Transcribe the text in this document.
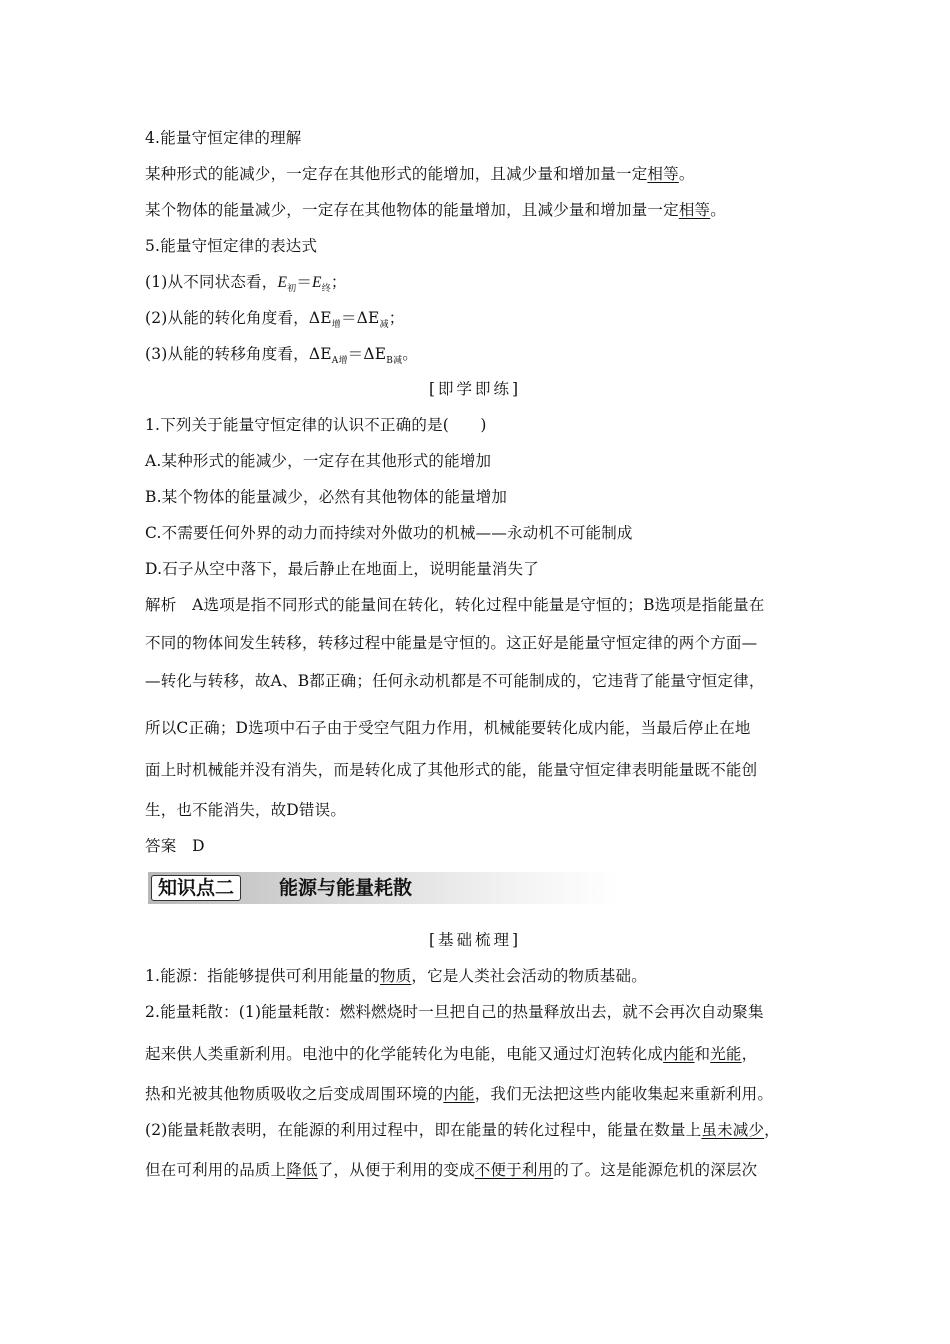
4.能量守恒定律的理解
某种形式的能减少，一定存在其他形式的能增加，且减少量和增加量一定相等。
某个物体的能量减少，一定存在其他物体的能量增加，且减少量和增加量一定相等。
5.能量守恒定律的表达式
(1)从不同状态看，$E_初=E_终$；
(2)从能的转化角度看，$\Delta E_增=\Delta E_减$；
(3)从能的转移角度看，$\Delta E_{A增}=\Delta E_{B减}$。
[即学即练]
1.下列关于能量守恒定律的认识不正确的是(　　)
A.某种形式的能减少，一定存在其他形式的能增加
B.某个物体的能量减少，必然有其他物体的能量增加
C.不需要任何外界的动力而持续对外做功的机械——永动机不可能制成
D.石子从空中落下，最后静止在地面上，说明能量消失了
解析　A选项是指不同形式的能量间在转化，转化过程中能量是守恒的；B选项是指能量在
不同的物体间发生转移，转移过程中能量是守恒的。这正好是能量守恒定律的两个方面—
—转化与转移，故A、B都正确；任何永动机都是不可能制成的，它违背了能量守恒定律，
所以C正确；D选项中石子由于受空气阻力作用，机械能要转化成内能，当最后停止在地
面上时机械能并没有消失，而是转化成了其他形式的能，能量守恒定律表明能量既不能创
生，也不能消失，故D错误。
答案　D
知识点二	能源与能量耗散
[基础梳理]
1.能源：指能够提供可利用能量的物质，它是人类社会活动的物质基础。
2.能量耗散：(1)能量耗散：燃料燃烧时一旦把自己的热量释放出去，就不会再次自动聚集
起来供人类重新利用。电池中的化学能转化为电能，电能又通过灯泡转化成内能和光能，
热和光被其他物质吸收之后变成周围环境的内能，我们无法把这些内能收集起来重新利用。
(2)能量耗散表明，在能源的利用过程中，即在能量的转化过程中，能量在数量上虽未减少，
但在可利用的品质上降低了，从便于利用的变成不便于利用的了。这是能源危机的深层次
